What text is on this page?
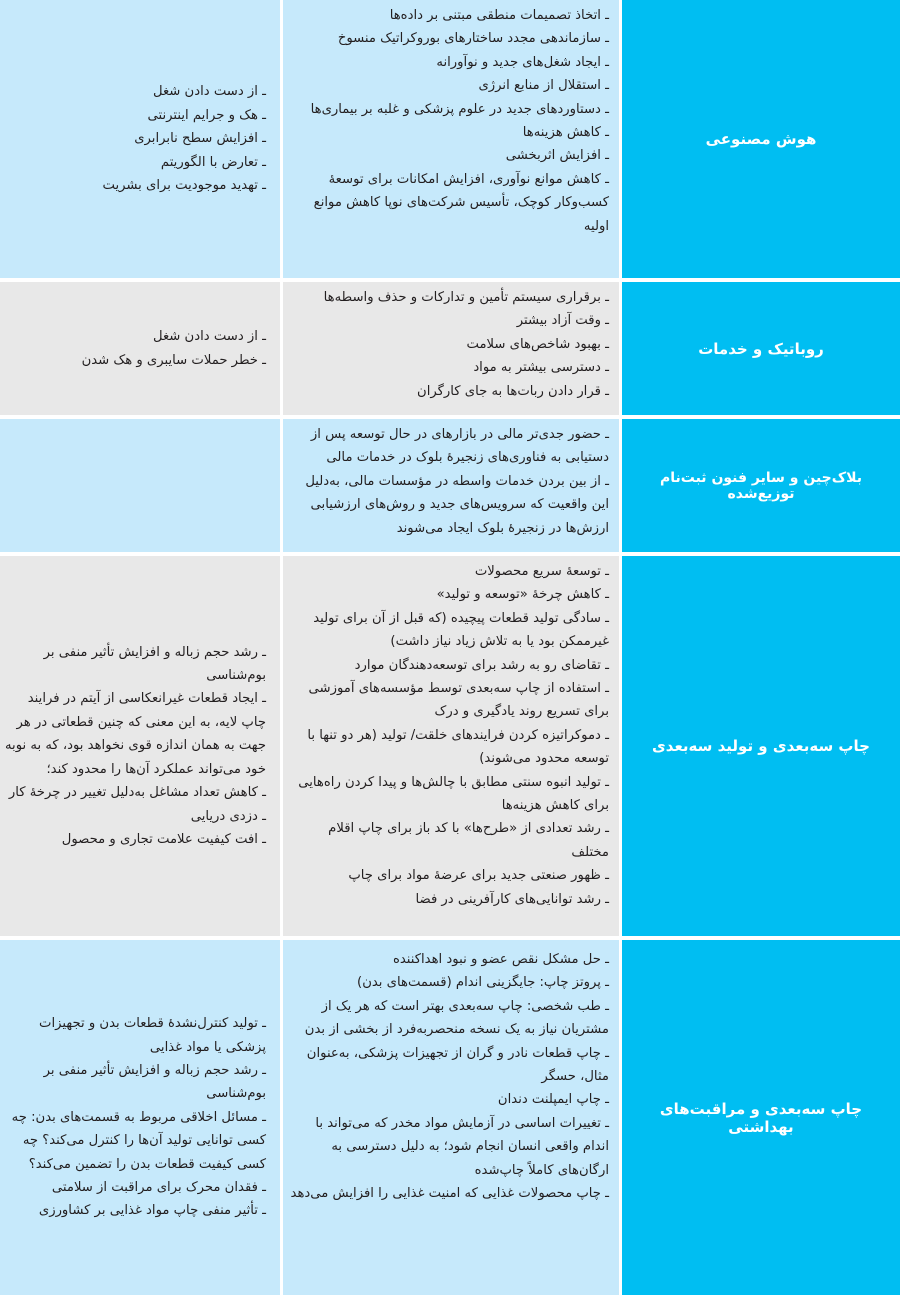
هوش مصنوعی
ـ اتخاذ تصمیمات منطقی مبتنی بر داده‌ها
ـ سازماندهی مجدد ساختارهای بوروکراتیک منسوخ
ـ ایجاد شغل‌های جدید و نوآورانه
ـ استقلال از منابع انرژی
ـ دستاوردهای جدید در علوم پزشکی و غلبه بر بیماری‌ها
ـ کاهش هزینه‌ها
ـ افزایش اثربخشی
ـ کاهش موانع نوآوری، افزایش امکانات برای توسعهٔ کسب‌وکار کوچک، تأسیس شرکت‌های نوپا کاهش موانع اولیه
ـ از دست دادن شغل
ـ هک و جرایم اینترنتی
ـ افزایش سطح نابرابری
ـ تعارض با الگوریتم
ـ تهدید موجودیت برای بشریت
روباتیک و خدمات
ـ برقراری سیستم تأمین و تدارکات و حذف واسطه‌ها
ـ وقت آزاد بیشتر
ـ بهبود شاخص‌های سلامت
ـ دسترسی بیشتر به مواد
ـ قرار دادن ربات‌ها به جای کارگران
ـ از دست دادن شغل
ـ خطر حملات سایبری و هک شدن
بلاک‌چین و سایر فنون ثبت‌نام توزیع‌شده
ـ حضور جدی‌تر مالی در بازارهای در حال توسعه پس از دستیابی به فناوری‌های زنجیرهٔ بلوک در خدمات مالی
ـ از بین بردن خدمات واسطه در مؤسسات مالی، به‌دلیل این واقعیت که سرویس‌های جدید و روش‌های ارزشیابی ارزش‌ها در زنجیرهٔ بلوک ایجاد می‌شوند
چاپ سه‌بعدی و تولید سه‌بعدی
ـ توسعهٔ سریع محصولات
ـ کاهش چرخهٔ «توسعه و تولید»
ـ سادگی تولید قطعات پیچیده (که قبل از آن برای تولید غیرممکن بود یا به تلاش زیاد نیاز داشت)
ـ تقاضای رو به رشد برای توسعه‌دهندگان موارد
ـ استفاده از چاپ سه‌بعدی توسط مؤسسه‌های آموزشی برای تسریع روند یادگیری و درک
ـ دموکراتیزه کردن فرایندهای خلقت/ تولید (هر دو تنها با توسعه محدود می‌شوند)
ـ تولید انبوه سنتی مطابق با چالش‌ها و پیدا کردن راه‌هایی برای کاهش هزینه‌ها
ـ رشد تعدادی از «طرح‌ها» با کد باز برای چاپ اقلام مختلف
ـ ظهور صنعتی جدید برای عرضهٔ مواد برای چاپ
ـ رشد توانایی‌های کارآفرینی در فضا
ـ رشد حجم زباله و افزایش تأثیر منفی بر بوم‌شناسی
ـ ایجاد قطعات غیرانعکاسی از آیتم در فرایند چاپ لایه، به این معنی که چنین قطعاتی در هر جهت به همان اندازه قوی نخواهد بود، که به نوبه خود می‌تواند عملکرد آن‌ها را محدود کند؛
ـ کاهش تعداد مشاغل به‌دلیل تغییر در چرخهٔ کار
ـ دزدی دریایی
ـ افت کیفیت علامت تجاری و محصول
چاپ سه‌بعدی و مراقبت‌های بهداشتی
ـ حل مشکل نقص عضو و نبود اهداکننده
ـ پروتز چاپ: جایگزینی اندام (قسمت‌های بدن)
ـ طب شخصی: چاپ سه‌بعدی بهتر است که هر یک از مشتریان نیاز به یک نسخه منحصربه‌فرد از بخشی از بدن
ـ چاپ قطعات نادر و گران از تجهیزات پزشکی، به‌عنوان مثال، حسگر
ـ چاپ ایمپلنت دندان
ـ تغییرات اساسی در آزمایش مواد مخدر که می‌تواند با اندام واقعی انسان انجام شود؛ به دلیل دسترسی به ارگان‌های کاملاً چاپ‌شده
ـ چاپ محصولات غذایی که امنیت غذایی را افزایش می‌دهد
ـ تولید کنترل‌نشدهٔ قطعات بدن و تجهیزات پزشکی یا مواد غذایی
ـ رشد حجم زباله و افزایش تأثیر منفی بر بوم‌شناسی
ـ مسائل اخلاقی مربوط به قسمت‌های بدن: چه کسی توانایی تولید آن‌ها را کنترل می‌کند؟ چه کسی کیفیت قطعات بدن را تضمین می‌کند؟
ـ فقدان محرک برای مراقبت از سلامتی
ـ تأثیر منفی چاپ مواد غذایی بر کشاورزی
